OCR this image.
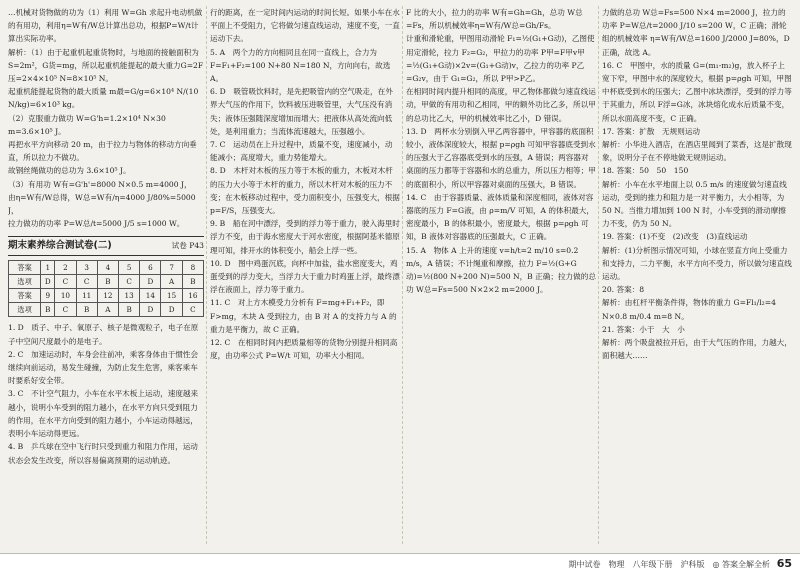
…机械对货物做的功为（1）利用 W=Gh 求起升电动机做的有用功，利用η=W有/W总计算出总功，根据P=W/t计算出实际功率。

解析：（1）由于起重机起重货物时，与地面的接触面积为S=2m²，G货=mg，所以起重机能提起的最大重力G=2F压=2×4×10⁵ N=8×10⁵ N。

起重机能提起货物的最大质量 m最=G/g=6×10⁴ N/(10 N/kg)=6×10³ kg。

（2）克服重力做功 W=G'h=1.2×10⁴ N×30 m=3.6×10⁵ J。

再把水平方向移动 20 m，由于拉力与物体的移动方向垂直，所以拉力不做功。

故钢丝绳做功的总功为 3.6×10⁵ J。

（3）有用功 W有=G'h'=8000 N×0.5 m=4000 J，

由η=W有/W总得，W总=W有/η=4000 J/80%=5000 J，

拉力做功的功率 P=W总/t=5000 J/5 s=1000 W。

期末素养综合测试卷(二)	试卷 P43
答案	1	2	3	4	5	6	7	8
选项	D	C	C	B	C	D	A	B
答案	9	10	11	12	13	14	15	16
选项	B	C	B	A	B	D	D	C

1. D　质子、中子、氧原子、核子是微观粒子，电子在原子中空间尺度最小的是电子。

2. C　加速运动时，车身会往前冲，乘客身体由于惯性会继续向前运动，易发生碰撞，为防止发生危害，乘客乘车时要系好安全带。

3. C　不计空气阻力，小车在水平木板上运动，速度越来越小，说明小车受到的阻力越小，在水平方向只受到阻力的作用，在水平方向受到的阻力越小，小车运动得越远，表明小车运动得更远。

4. B　乒乓球在空中飞行时只受到重力和阻力作用，运动状态会发生改变，所以容易偏离预期的运动轨迹。

行的距离，在一定时间内运动的时间长短。如果小车在水平面上不受阻力，它将做匀速直线运动，速度不变，一直运动下去。

5. A　两个力的方向相同且在同一直线上，合力为 F=F₁+F₂=100 N+80 N=180 N，方向向右，故选 A。

6. D　吸管吸饮料时，是先把吸管内的空气吸走，在外界大气压的作用下，饮料被压进吸管里，大气压没有消失；液体压强随深度增加而增大；把液体从高处流向低处，是利用重力；当流体流速越大，压强越小。

7. C　运动员在上升过程中，质量不变，速度减小，动能减小；高度增大，重力势能增大。

8. D　木杆对木板的压力等于木板的重力，木板对木杆的压力大小等于木杆的重力，所以木杆对木板的压力不变；在木板移动过程中，受力面积变小，压强变大，根据 p=F/S，压强变大。

9. B　船在河中漂浮，受到的浮力等于重力，驶入海里时浮力不变，由于海水密度大于河水密度，根据阿基米德原理可知，排开水的体积变小，船会上浮一些。

10. D　图中鸡蛋沉底，向杯中加盐，盐水密度变大，鸡蛋受到的浮力变大，当浮力大于重力时鸡蛋上浮，最终漂浮在液面上，浮力等于重力。

11. C　对上方木模受力分析有 F=mg+F₁+F₂，即 F>mg，木块 A 受到拉力，由 B 对 A 的支持力与 A 的重力是平衡力，故 C 正确。

12. C　在相同时间内把质量相等的货物分别提升相同高度，由功率公式 P=W/t 可知，功率大小相同。

F 比的大小，拉力的功率 W有=Gh=Gh，总功 W总=Fs，所以机械效率η=W有/W总=Gh/Fs。

计重和滑轮重，甲图用动滑轮 F₁=½(G₁+G动)，乙图使用定滑轮，拉力 F₂=G₂，甲拉力的功率 P甲=F甲v甲=½(G₁+G动)×2v=(G₁+G动)v，乙拉力的功率 P乙=G₂v，由于 G₁=G₂，所以 P甲>P乙。

在相同时间内提升相同的高度，甲乙物体都做匀速直线运动，甲做的有用功和乙相同，甲的额外功比乙多，所以甲的总功比乙大，甲的机械效率比乙小，D 错误。

13. D　两杯水分别倒入甲乙两容器中，甲容器的底面积较小，液体深度较大，根据 p=ρgh 可知甲容器底受到水的压强大于乙容器底受到水的压强，A 错误；两容器对桌面的压力都等于容器和水的总重力，所以压力相等；甲的底面积小，所以甲容器对桌面的压强大，B 错误。

14. C　由于容器质量、液体质量和深度相同，液体对容器底的压力 F=G液，由 ρ=m/V 可知，A 的体积最大，密度最小，B 的体积最小，密度最大，根据 p=ρgh 可知，B 液体对容器底的压强最大，C 正确。

15. A　物体 A 上升的速度 v=h/t=2 m/10 s=0.2 m/s，A 错误；不计绳重和摩擦，拉力 F=½(G+G动)=½(800 N+200 N)=500 N，B 正确；拉力做的总功 W总=Fs=500 N×2×2 m=2000 J。

力做的总功 W总=Fs=500 N×4 m=2000 J，拉力的功率 P=W总/t=2000 J/10 s=200 W，C 正确；滑轮组的机械效率 η=W有/W总=1600 J/2000 J=80%，D 正确，故选 A。

16. C　甲图中，水的质量 G=(m₁-m₂)g，放入杯子上宽下窄，甲图中水的深度较大，根据 p=ρgh 可知，甲图中杯底受到水的压强大；乙图中冰块漂浮，受到的浮力等于其重力，所以 F浮=G冰，冰块熔化成水后质量不变，所以水面高度不变，C 正确。

17. 答案：扩散　无规则运动

解析：小华进入酒店，在酒店里闻到了菜香，这是扩散现象，说明分子在不停地做无规则运动。

18. 答案：50　50　150

解析：小车在水平地面上以 0.5 m/s 的速度做匀速直线运动，受到的推力和阻力是一对平衡力，大小相等，为 50 N。当推力增加到 100 N 时，小车受到的滑动摩擦力不变，仍为 50 N。

19. 答案：(1)不变　(2)改变　(3)直线运动

解析：(1)分析图示情况可知，小球在竖直方向上受重力和支持力，二力平衡，水平方向不受力，所以做匀速直线运动。

20. 答案：8

解析：由杠杆平衡条件得，物体的重力 G=Fl₁/l₂=4 N×0.8 m/0.4 m=8 N。

21. 答案：小于　大　小

解析：两个吸盘被拉开后，由于大气压的作用，力越大，面积越大……

期中试卷　物理　八年级下册　沪科版　◎ 答案全解全析 65
